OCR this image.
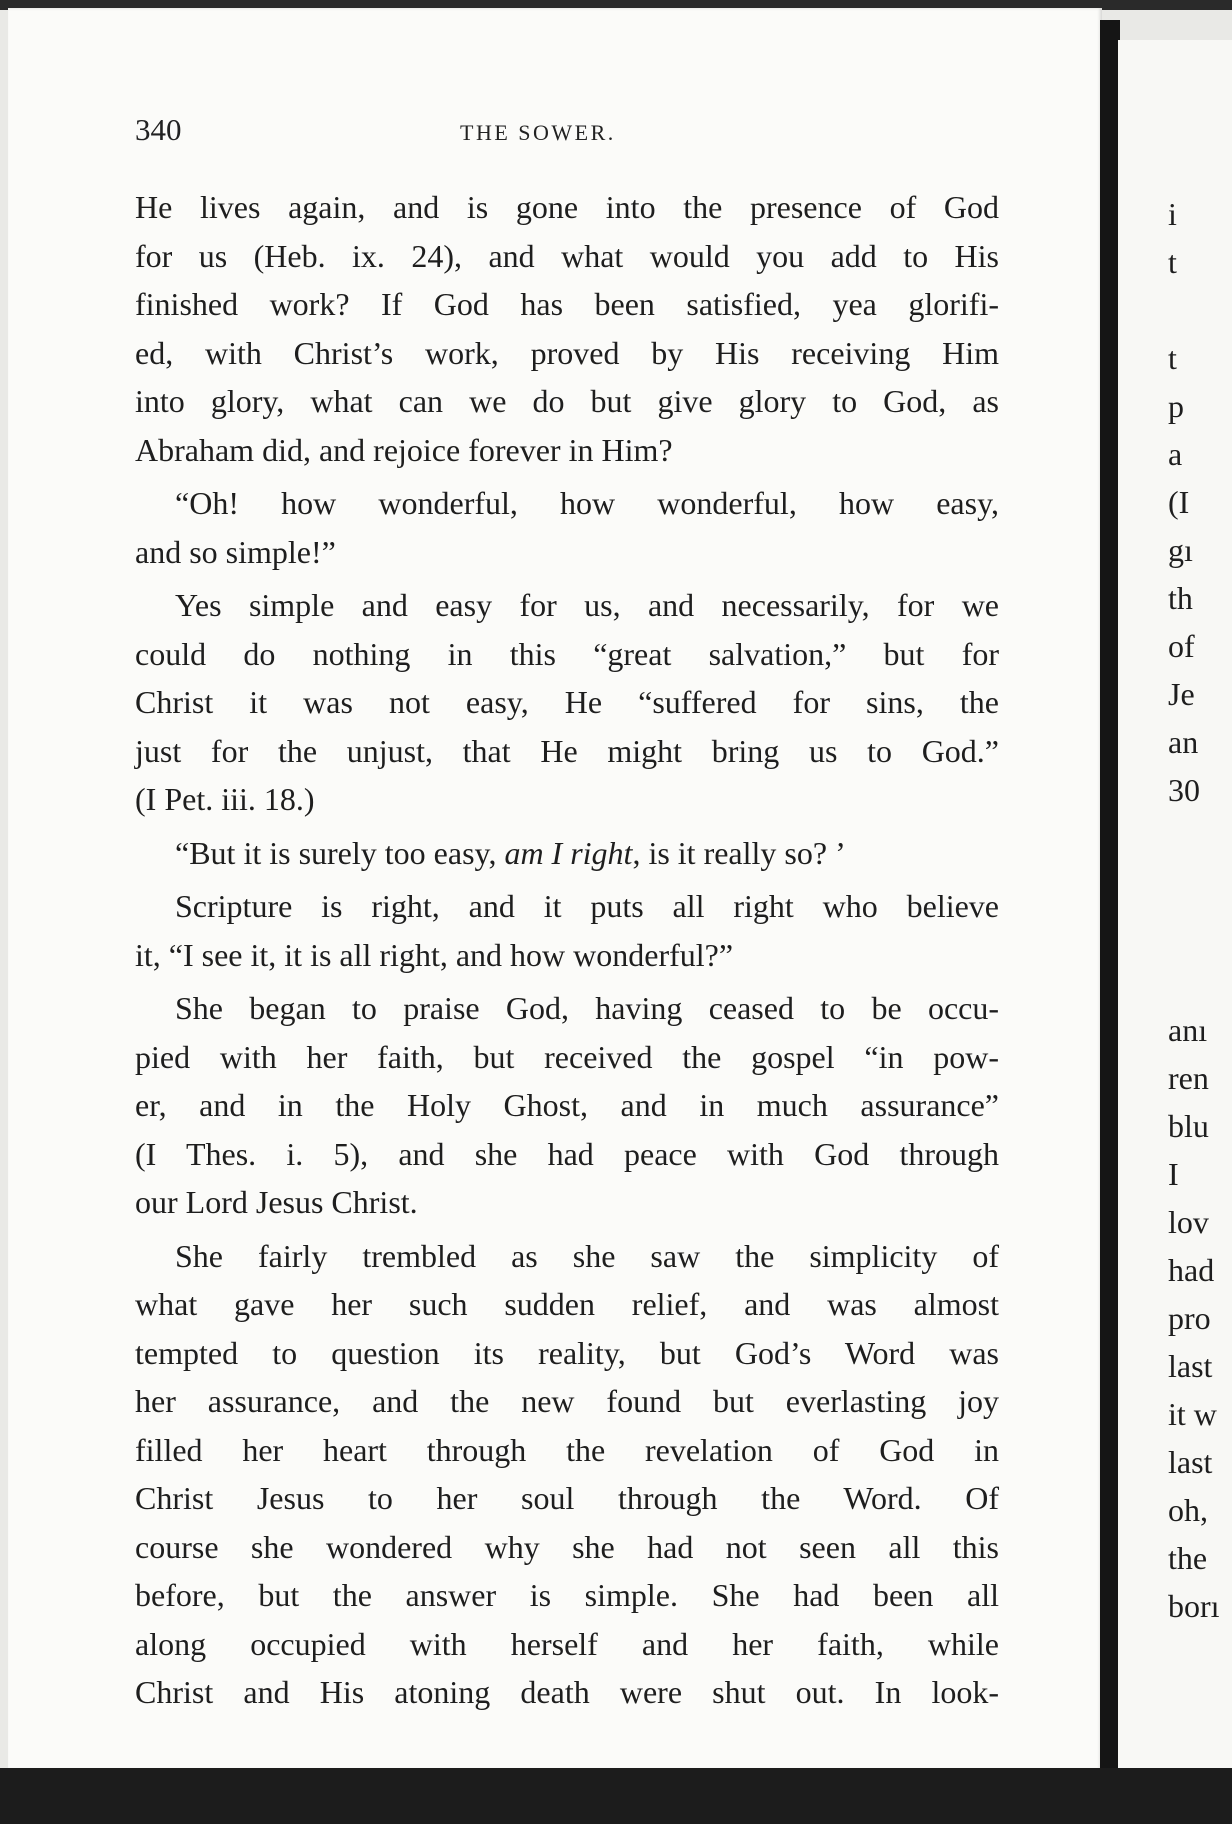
340	THE SOWER.
He lives again, and is gone into the presence of God
for us (Heb. ix. 24), and what would you add to His
finished work? If God has been satisfied, yea glorifi-
ed, with Christ’s work, proved by His receiving Him
into glory, what can we do but give glory to God, as
Abraham did, and rejoice forever in Him?
“Oh! how wonderful, how wonderful, how easy,
and so simple!”
Yes simple and easy for us, and necessarily, for we
could do nothing in this “great salvation,” but for
Christ it was not easy, He “suffered for sins, the
just for the unjust, that He might bring us to God.”
(I Pet. iii. 18.)
“But it is surely too easy, am I right, is it really so? ’
Scripture is right, and it puts all right who believe
it, “I see it, it is all right, and how wonderful?”
She began to praise God, having ceased to be occu-
pied with her faith, but received the gospel “in pow-
er, and in the Holy Ghost, and in much assurance”
(I Thes. i. 5), and she had peace with God through
our Lord Jesus Christ.
She fairly trembled as she saw the simplicity of
what gave her such sudden relief, and was almost
tempted to question its reality, but God’s Word was
her assurance, and the new found but everlasting joy
filled her heart through the revelation of God in
Christ Jesus to her soul through the Word. Of
course she wondered why she had not seen all this
before, but the answer is simple. She had been all
along occupied with herself and her faith, while
Christ and His atoning death were shut out. In look-
i
t
t
p
a
(I
gı
th
of
Je
an
30
anı
ren
blu
I
lov
had
pro
last
it w
last
oh,
the
borı
